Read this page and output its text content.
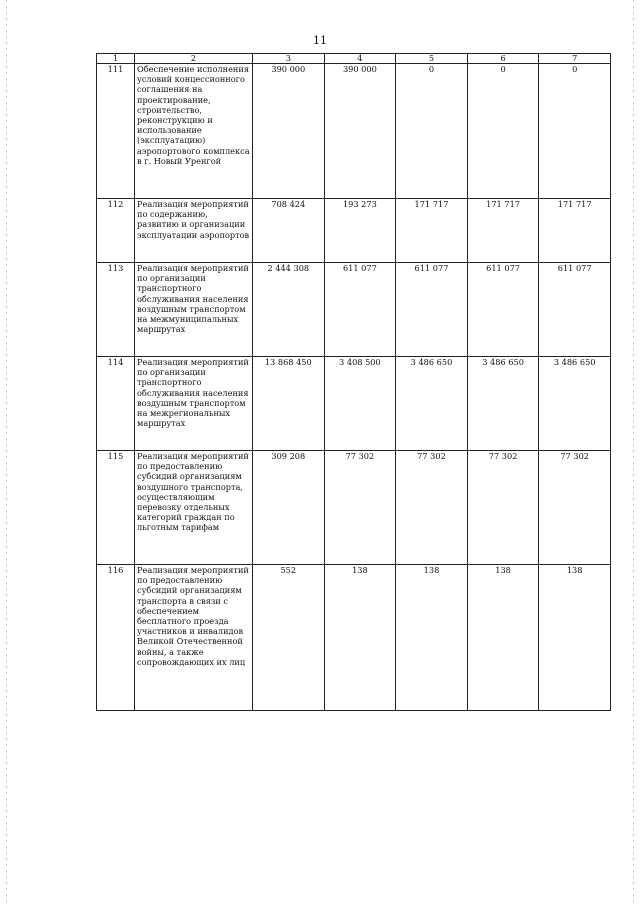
11
1	2	3	4	5	6	7
111	Обеспечение исполнения условий концессионного соглашения на проектирование, строительство, реконструкцию и использование (эксплуатацию) аэропортового комплекса в г. Новый Уренгой	390 000	390 000	0	0	0
112	Реализация мероприятий по содержанию, развитию и организации эксплуатации аэропортов	708 424	193 273	171 717	171 717	171 717
113	Реализация мероприятий по организации транспортного обслуживания населения воздушным транспортом на межмуниципальных маршрутах	2 444 308	611 077	611 077	611 077	611 077
114	Реализация мероприятий по организации транспортного обслуживания населения воздушным транспортом на межрегиональных маршрутах	13 868 450	3 408 500	3 486 650	3 486 650	3 486 650
115	Реализация мероприятий по предоставлению субсидий организациям воздушного транспорта, осуществляющим перевозку отдельных категорий граждан по льготным тарифам	309 208	77 302	77 302	77 302	77 302
116	Реализация мероприятий по предоставлению субсидий организациям транспорта в связи с обеспечением бесплатного проезда участников и инвалидов Великой Отечественной войны, а также сопровождающих их лиц	552	138	138	138	138
